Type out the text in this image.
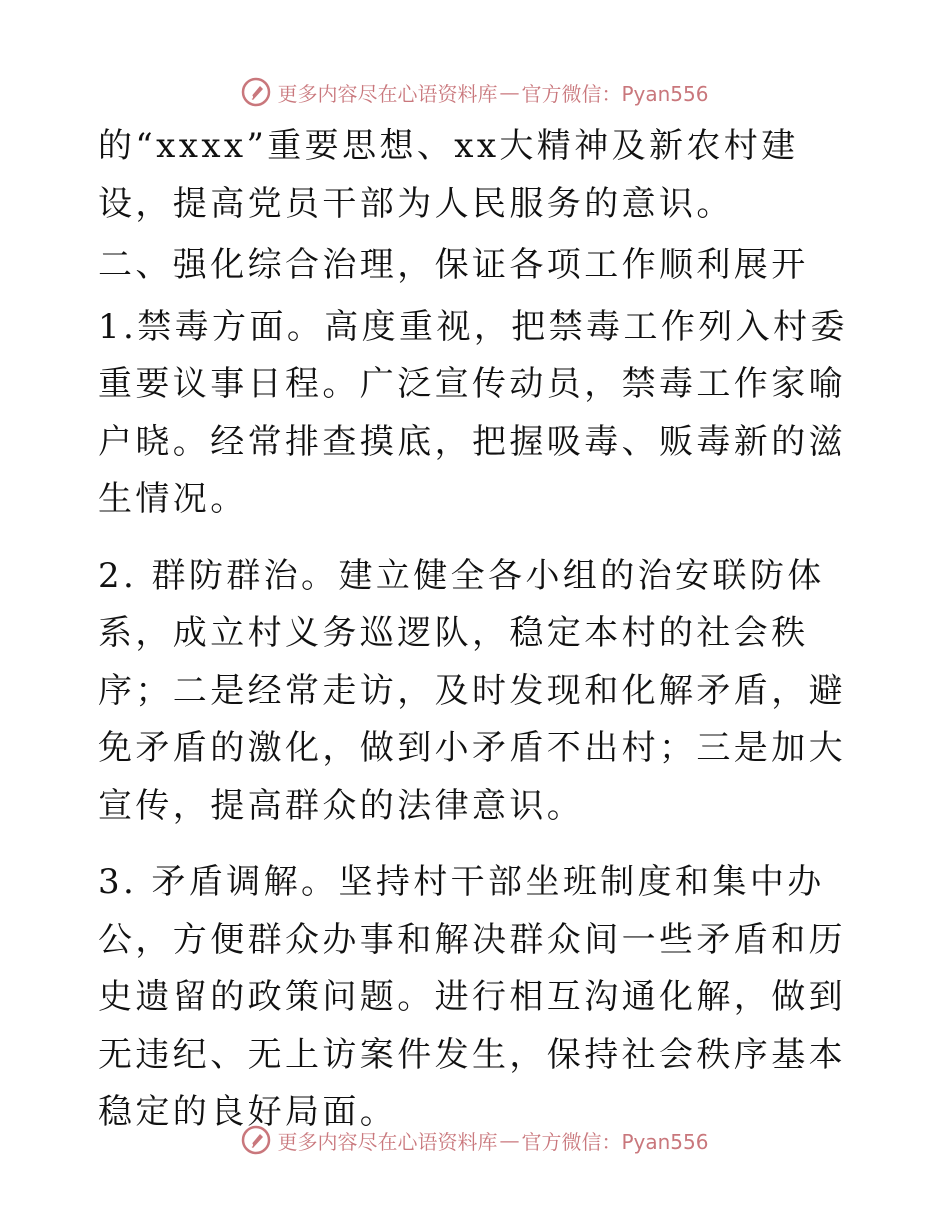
更多内容尽在心语资料库 — 官方微信：Pyan556

的“xxxx”重要思想、xx大精神及新农村建设，提高党员干部为人民服务的意识。

二、强化综合治理，保证各项工作顺利展开

1.禁毒方面。高度重视，把禁毒工作列入村委重要议事日程。广泛宣传动员，禁毒工作家喻户晓。经常排查摸底，把握吸毒、贩毒新的滋生情况。

2. 群防群治。建立健全各小组的治安联防体系，成立村义务巡逻队，稳定本村的社会秩序；二是经常走访，及时发现和化解矛盾，避免矛盾的激化，做到小矛盾不出村；三是加大宣传，提高群众的法律意识。

3. 矛盾调解。坚持村干部坐班制度和集中办公，方便群众办事和解决群众间一些矛盾和历史遗留的政策问题。进行相互沟通化解，做到无违纪、无上访案件发生，保持社会秩序基本稳定的良好局面。

更多内容尽在心语资料库 — 官方微信：Pyan556
